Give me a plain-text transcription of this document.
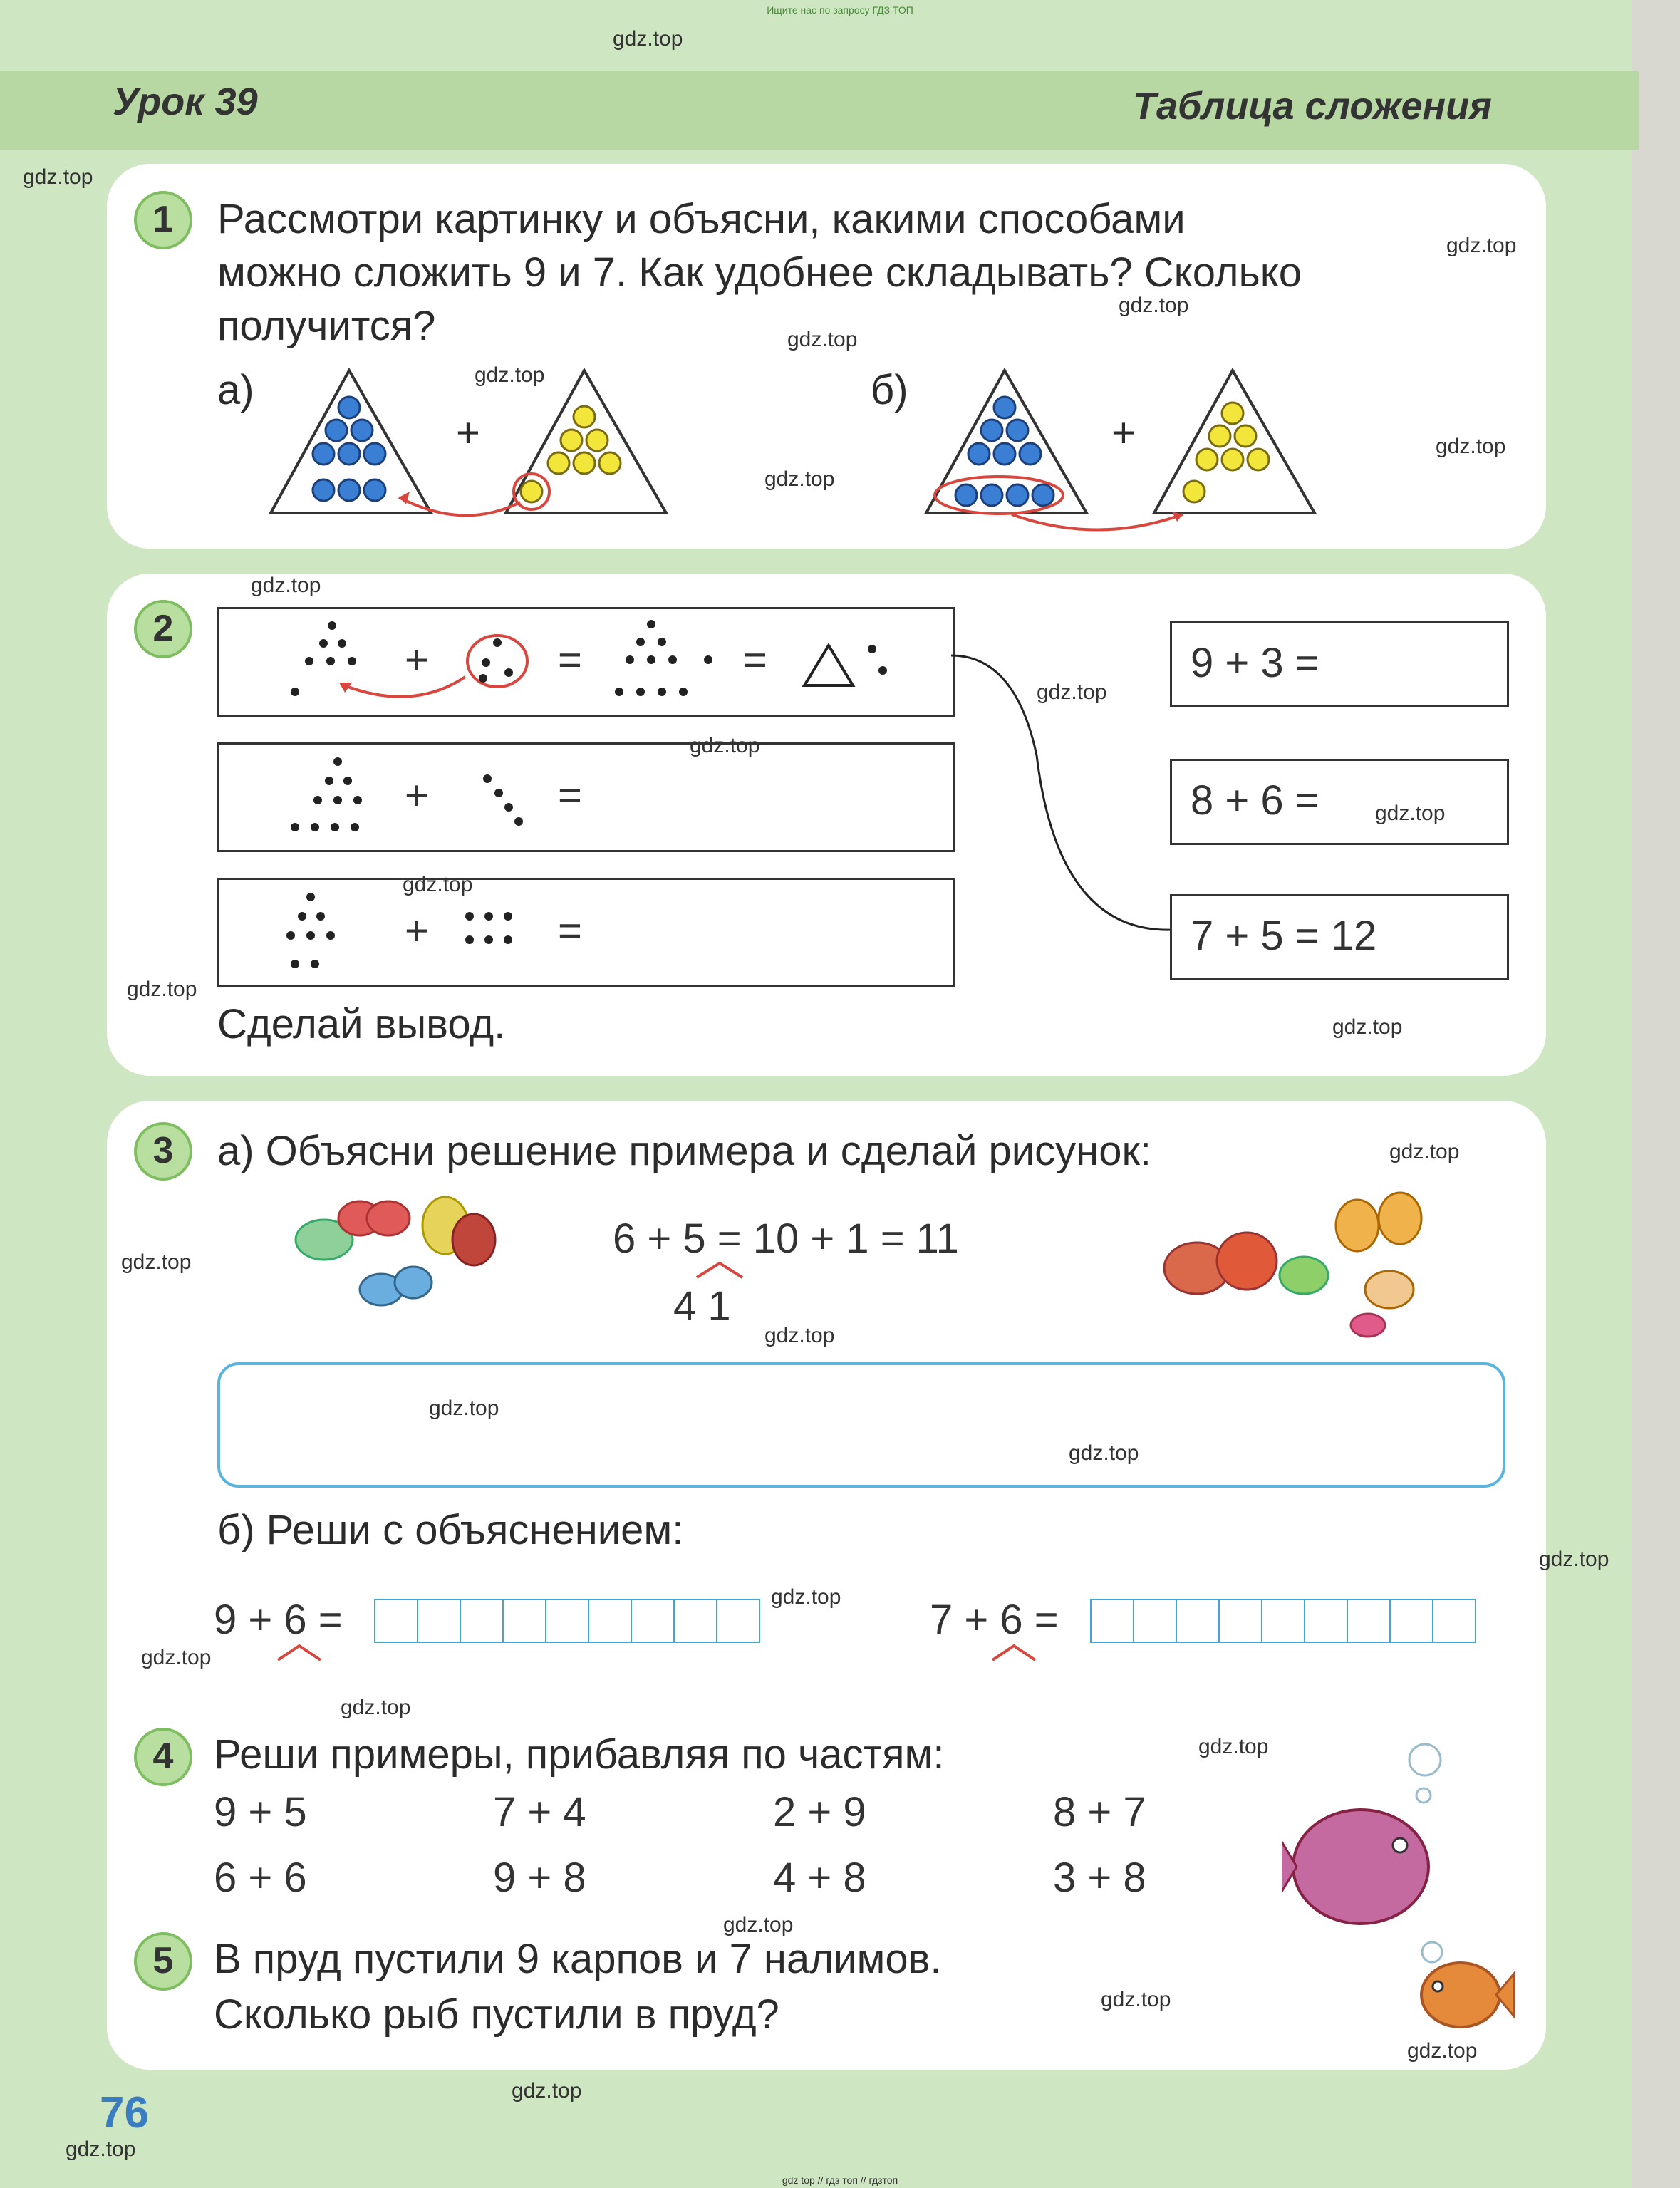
Ищите нас по запросу ГДЗ ТОП
Урок 39	Таблица сложения
1	Рассмотри картинку и объясни, какими способами
можно сложить 9 и 7. Как удобнее складывать? Сколько
получится?
а)	б)
+	+
2
+	=	=
+	=
+	=
9 + 3 =
8 + 6 =
7 + 5 = 12
Сделай вывод.
3	а) Объясни решение примера и сделай рисунок:
6 + 5 = 10 + 1 = 11
4 1
б) Реши с объяснением:
9 + 6 =	7 + 6 =
4 Реши примеры, прибавляя по частям:
9 + 5	7 + 4	2 + 9	8 + 7
6 + 6	9 + 8	4 + 8	3 + 8
5 В пруд пустили 9 карпов и 7 налимов.
Сколько рыб пустили в пруд?
76
gdz.top
gdz.top
gdz.top
gdz.top
gdz.top
gdz.top
gdz.top
gdz.top
gdz.top
gdz.top
gdz.top
gdz.top
gdz.top
gdz.top
gdz.top
gdz.top
gdz.top
gdz.top
gdz.top
gdz.top
gdz.top
gdz.top
gdz.top
gdz.top
gdz.top
gdz.top
gdz.top
gdz.top
gdz.top
gdz.top
gdz top // гдз топ // гдзтоп
